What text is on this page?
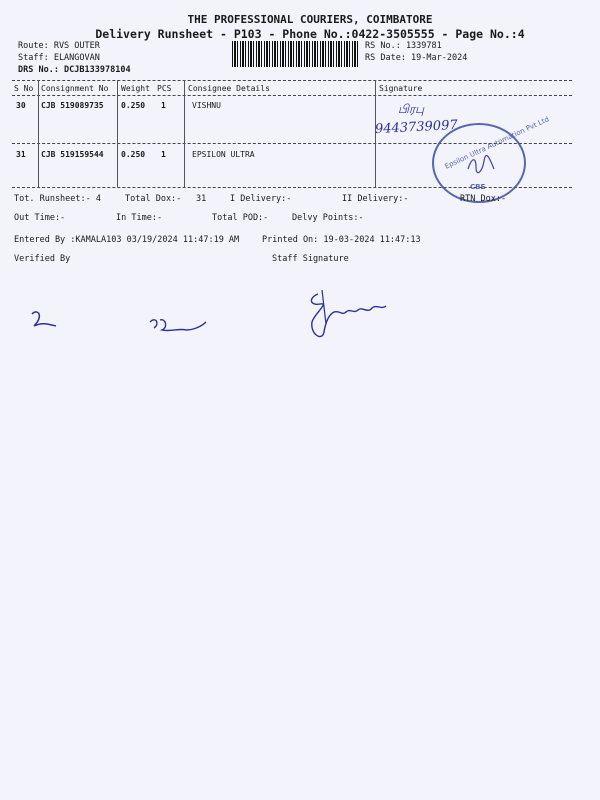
THE PROFESSIONAL COURIERS, COIMBATORE
Delivery Runsheet - P103 - Phone No.:0422-3505555 - Page No.:4
Route: RVS OUTER
Staff: ELANGOVAN
DRS No.: DCJB133978104
RS No.: 1339781
RS Date: 19-Mar-2024
S No Consignment No Weight PCS Consignee Details	Signature
30 CJB 519089735 0.250 1	VISHNU
31 CJB 519159544 0.250 1	EPSILON ULTRA
பிரபு
9443739097
Epsilon Ultra Automation Pvt Ltd
CBE
Tot. Runsheet:- 4	Total Dox:- 31	I Delivery:-	II Delivery:-	RTN Dox:-
Out Time:-	In Time:-	Total POD:-	Delvy Points:-
Entered By :KAMALA103 03/19/2024 11:47:19 AM	Printed On: 19-03-2024 11:47:13
Verified By	Staff Signature
